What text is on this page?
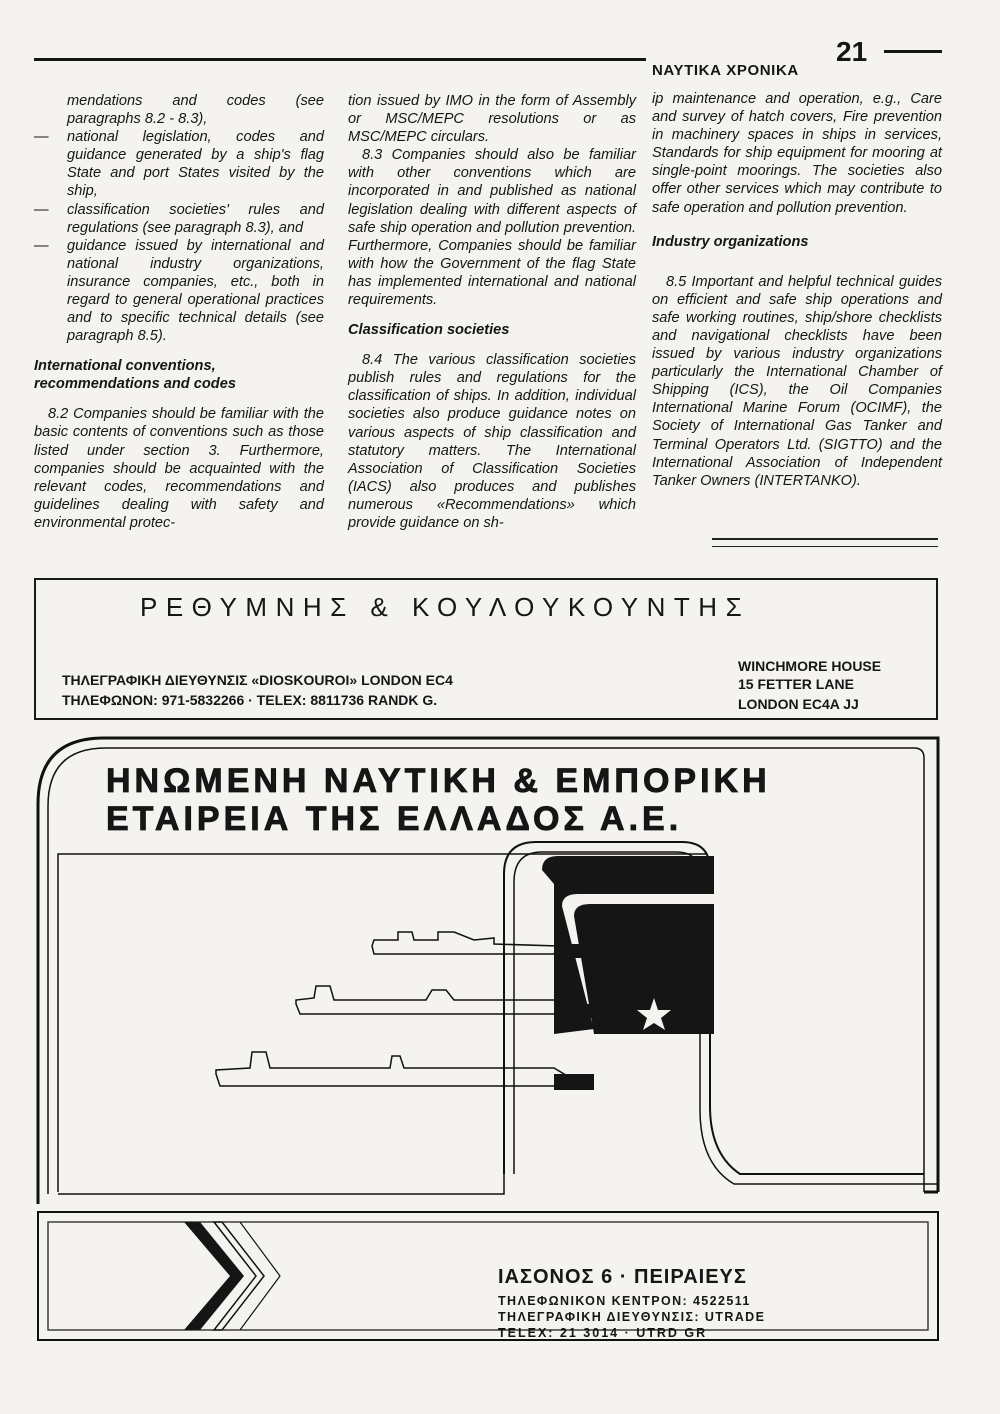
ΝΑΥΤΙΚΑ ΧΡΟΝΙΚΑ
21

mendations and codes (see paragraphs 8.2 - 8.3),

— national legislation, codes and guidance generated by a ship's flag State and port States visited by the ship,
— classification societies' rules and regulations (see paragraph 8.3), and
— guidance issued by international and national industry organizations, insurance companies, etc., both in regard to general operational practices and to specific technical details (see paragraph 8.5).
International conventions, recommendations and codes

8.2 Companies should be familiar with the basic contents of conventions such as those listed under section 3. Furthermore, companies should be acquainted with the relevant codes, recommendations and guidelines dealing with safety and environmental protec-

tion issued by IMO in the form of Assembly or MSC/MEPC resolutions or as MSC/MEPC circulars.

8.3 Companies should also be familiar with other conventions which are incorporated in and published as national legislation dealing with different aspects of safe ship operation and pollution prevention. Furthermore, Companies should be familiar with how the Government of the flag State has implemented international and national requirements.

Classification societies

8.4 The various classification societies publish rules and regulations for the classification of ships. In addition, individual societies also produce guidance notes on various aspects of ship classification and statutory matters. The International Association of Classification Societies (IACS) also produces and publishes numerous «Recommendations» which provide guidance on sh-

ip maintenance and operation, e.g., Care and survey of hatch covers, Fire prevention in machinery spaces in ships in services, Standards for ship equipment for mooring at single-point moorings. The societies also offer other services which may contribute to safe operation and pollution prevention.

Industry organizations

8.5 Important and helpful technical guides on efficient and safe ship operations and safe working routines, ship/shore checklists and navigational checklists have been issued by various industry organizations particularly the International Chamber of Shipping (ICS), the Oil Companies International Marine Forum (OCIMF), the Society of International Gas Tanker and Terminal Operators Ltd. (SIGTTO) and the International Association of Independent Tanker Owners (INTERTANKO).

ΡΕΘΥΜΝΗΣ & ΚΟΥΛΟΥΚΟΥΝΤΗΣ
ΤΗΛΕΓΡΑΦΙΚΗ ΔΙΕΥΘΥΝΣΙΣ «DIOSKOUROI» LONDON EC4
ΤΗΛΕΦΩΝΟΝ: 971-5832266 · TELEX: 8811736 RANDK G.
WINCHMORE HOUSE
15 FETTER LANE
LONDON EC4A JJ
ΗΝΩΜΕΝΗ ΝΑΥΤΙΚΗ & ΕΜΠΟΡΙΚΗ
ΕΤΑΙΡΕΙΑ ΤΗΣ ΕΛΛΑΔΟΣ Α.Ε.
ΙΑΣΟΝΟΣ 6 · ΠΕΙΡΑΙΕΥΣ
ΤΗΛΕΦΩΝΙΚΟΝ ΚΕΝΤΡΟΝ: 4522511
ΤΗΛΕΓΡΑΦΙΚΗ ΔΙΕΥΘΥΝΣΙΣ: UTRADE
TELEX: 21 3014 · UTRD GR
